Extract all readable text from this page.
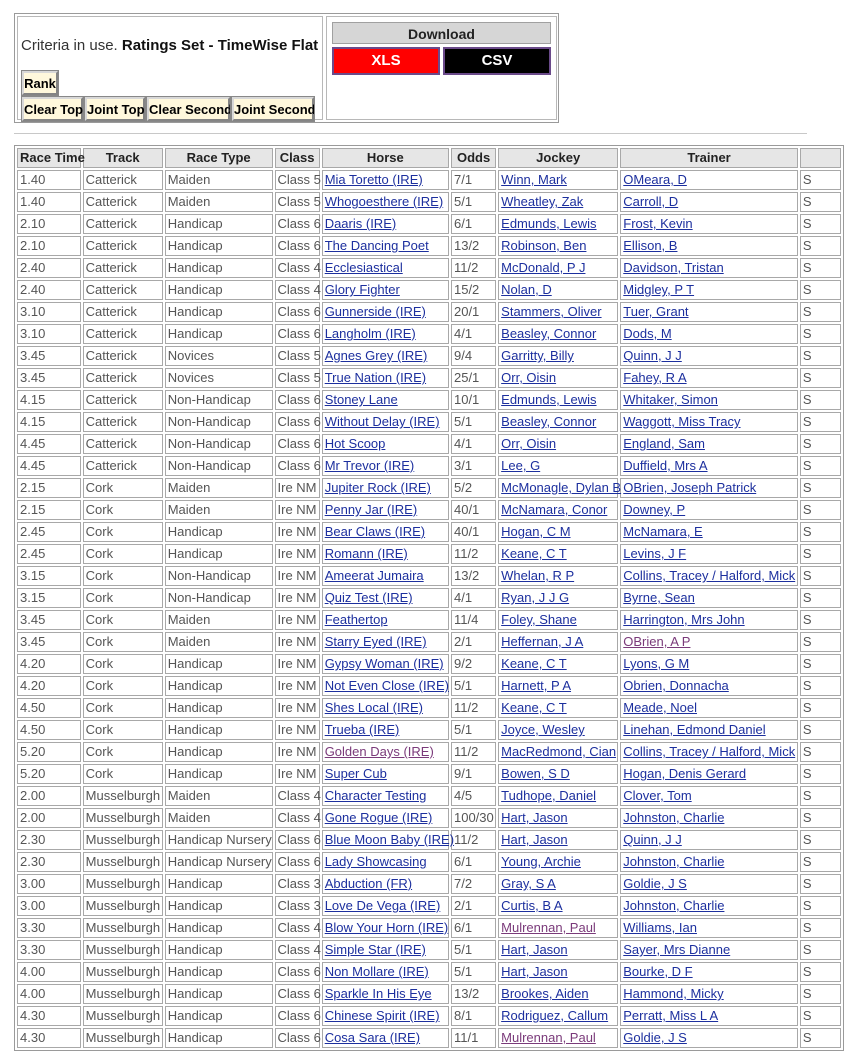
Criteria in use. Ratings Set - TimeWise Flat
Rank
Clear Top Joint Top Clear Second Joint Second
Download
XLS	CSV
Race Time	Track	Race Type	Class	Horse	Odds	Jockey	Trainer	
1.40	Catterick	Maiden	Class 5	Mia Toretto (IRE)	7/1	Winn, Mark	OMeara, D	S
1.40	Catterick	Maiden	Class 5	Whogoesthere (IRE)	5/1	Wheatley, Zak	Carroll, D	S
2.10	Catterick	Handicap	Class 6	Daaris (IRE)	6/1	Edmunds, Lewis	Frost, Kevin	S
2.10	Catterick	Handicap	Class 6	The Dancing Poet	13/2	Robinson, Ben	Ellison, B	S
2.40	Catterick	Handicap	Class 4	Ecclesiastical	11/2	McDonald, P J	Davidson, Tristan	S
2.40	Catterick	Handicap	Class 4	Glory Fighter	15/2	Nolan, D	Midgley, P T	S
3.10	Catterick	Handicap	Class 6	Gunnerside (IRE)	20/1	Stammers, Oliver	Tuer, Grant	S
3.10	Catterick	Handicap	Class 6	Langholm (IRE)	4/1	Beasley, Connor	Dods, M	S
3.45	Catterick	Novices	Class 5	Agnes Grey (IRE)	9/4	Garritty, Billy	Quinn, J J	S
3.45	Catterick	Novices	Class 5	True Nation (IRE)	25/1	Orr, Oisin	Fahey, R A	S
4.15	Catterick	Non-Handicap	Class 6	Stoney Lane	10/1	Edmunds, Lewis	Whitaker, Simon	S
4.15	Catterick	Non-Handicap	Class 6	Without Delay (IRE)	5/1	Beasley, Connor	Waggott, Miss Tracy	S
4.45	Catterick	Non-Handicap	Class 6	Hot Scoop	4/1	Orr, Oisin	England, Sam	S
4.45	Catterick	Non-Handicap	Class 6	Mr Trevor (IRE)	3/1	Lee, G	Duffield, Mrs A	S
2.15	Cork	Maiden	Ire NM	Jupiter Rock (IRE)	5/2	McMonagle, Dylan B	OBrien, Joseph Patrick	S
2.15	Cork	Maiden	Ire NM	Penny Jar (IRE)	40/1	McNamara, Conor	Downey, P	S
2.45	Cork	Handicap	Ire NM	Bear Claws (IRE)	40/1	Hogan, C M	McNamara, E	S
2.45	Cork	Handicap	Ire NM	Romann (IRE)	11/2	Keane, C T	Levins, J F	S
3.15	Cork	Non-Handicap	Ire NM	Ameerat Jumaira	13/2	Whelan, R P	Collins, Tracey / Halford, Mick	S
3.15	Cork	Non-Handicap	Ire NM	Quiz Test (IRE)	4/1	Ryan, J J G	Byrne, Sean	S
3.45	Cork	Maiden	Ire NM	Feathertop	11/4	Foley, Shane	Harrington, Mrs John	S
3.45	Cork	Maiden	Ire NM	Starry Eyed (IRE)	2/1	Heffernan, J A	OBrien, A P	S
4.20	Cork	Handicap	Ire NM	Gypsy Woman (IRE)	9/2	Keane, C T	Lyons, G M	S
4.20	Cork	Handicap	Ire NM	Not Even Close (IRE)	5/1	Harnett, P A	Obrien, Donnacha	S
4.50	Cork	Handicap	Ire NM	Shes Local (IRE)	11/2	Keane, C T	Meade, Noel	S
4.50	Cork	Handicap	Ire NM	Trueba (IRE)	5/1	Joyce, Wesley	Linehan, Edmond Daniel	S
5.20	Cork	Handicap	Ire NM	Golden Days (IRE)	11/2	MacRedmond, Cian	Collins, Tracey / Halford, Mick	S
5.20	Cork	Handicap	Ire NM	Super Cub	9/1	Bowen, S D	Hogan, Denis Gerard	S
2.00	Musselburgh	Maiden	Class 4	Character Testing	4/5	Tudhope, Daniel	Clover, Tom	S
2.00	Musselburgh	Maiden	Class 4	Gone Rogue (IRE)	100/30	Hart, Jason	Johnston, Charlie	S
2.30	Musselburgh	Handicap Nursery	Class 6	Blue Moon Baby (IRE)	11/2	Hart, Jason	Quinn, J J	S
2.30	Musselburgh	Handicap Nursery	Class 6	Lady Showcasing	6/1	Young, Archie	Johnston, Charlie	S
3.00	Musselburgh	Handicap	Class 3	Abduction (FR)	7/2	Gray, S A	Goldie, J S	S
3.00	Musselburgh	Handicap	Class 3	Love De Vega (IRE)	2/1	Curtis, B A	Johnston, Charlie	S
3.30	Musselburgh	Handicap	Class 4	Blow Your Horn (IRE)	6/1	Mulrennan, Paul	Williams, Ian	S
3.30	Musselburgh	Handicap	Class 4	Simple Star (IRE)	5/1	Hart, Jason	Sayer, Mrs Dianne	S
4.00	Musselburgh	Handicap	Class 6	Non Mollare (IRE)	5/1	Hart, Jason	Bourke, D F	S
4.00	Musselburgh	Handicap	Class 6	Sparkle In His Eye	13/2	Brookes, Aiden	Hammond, Micky	S
4.30	Musselburgh	Handicap	Class 6	Chinese Spirit (IRE)	8/1	Rodriguez, Callum	Perratt, Miss L A	S
4.30	Musselburgh	Handicap	Class 6	Cosa Sara (IRE)	11/1	Mulrennan, Paul	Goldie, J S	S
